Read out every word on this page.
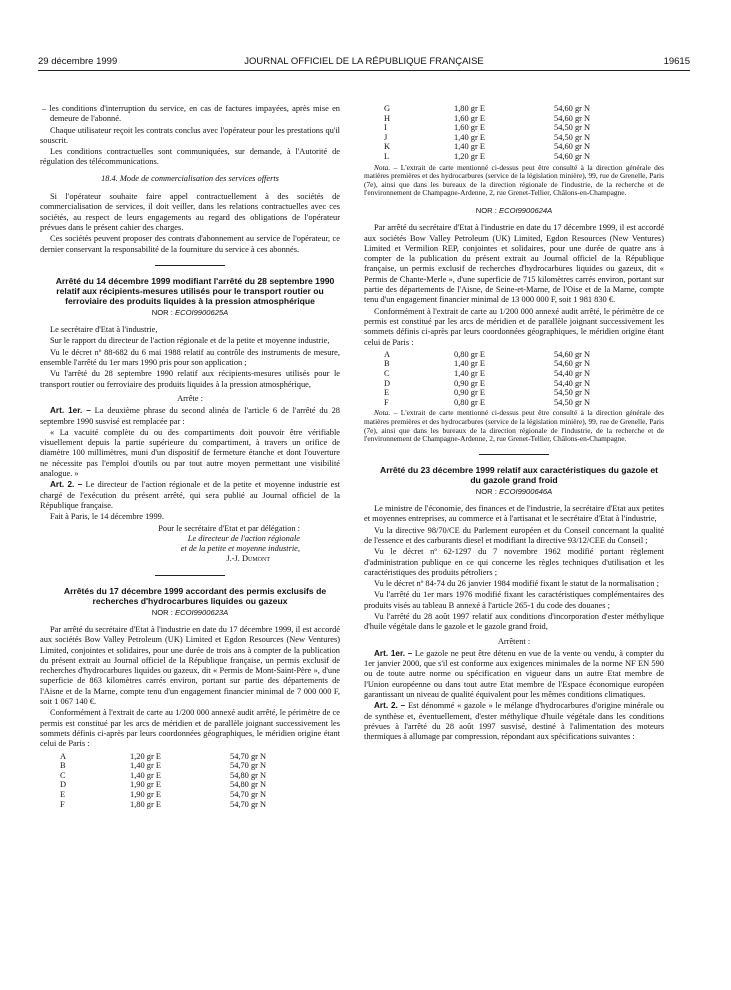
29 décembre 1999	JOURNAL OFFICIEL DE LA RÉPUBLIQUE FRANÇAISE	19615

– les conditions d'interruption du service, en cas de factures impayées, après mise en demeure de l'abonné.

Chaque utilisateur reçoit les contrats conclus avec l'opérateur pour les prestations qu'il souscrit.

Les conditions contractuelles sont communiquées, sur demande, à l'Autorité de régulation des télécommunications.

18.4. Mode de commercialisation des services offerts

Si l'opérateur souhaite faire appel contractuellement à des sociétés de commercialisation de services, il doit veiller, dans les relations contractuelles avec ces sociétés, au respect de leurs engagements au regard des obligations de l'opérateur prévues dans le présent cahier des charges.

Ces sociétés peuvent proposer des contrats d'abonnement au service de l'opérateur, ce dernier conservant la responsabilité de la fourniture du service à ces abonnés.

Arrêté du 14 décembre 1999 modifiant l'arrêté du 28 septembre 1990 relatif aux récipients-mesures utilisés pour le transport routier ou ferroviaire des produits liquides à la pression atmosphérique

NOR : ECOI9900625A

Le secrétaire d'Etat à l'industrie,

Sur le rapport du directeur de l'action régionale et de la petite et moyenne industrie,

Vu le décret nº 88-682 du 6 mai 1988 relatif au contrôle des instruments de mesure, ensemble l'arrêté du 1er mars 1990 pris pour son application ;

Vu l'arrêté du 28 septembre 1990 relatif aux récipients-mesures utilisés pour le transport routier ou ferroviaire des produits liquides à la pression atmosphérique,

Arrête :

Art. 1er. – La deuxième phrase du second alinéa de l'article 6 de l'arrêté du 28 septembre 1990 susvisé est remplacée par :

« La vacuité complète du ou des compartiments doit pouvoir être vérifiable visuellement depuis la partie supérieure du compartiment, à travers un orifice de diamètre 100 millimètres, muni d'un dispositif de fermeture étanche et dont l'ouverture ne nécessite pas l'emploi d'outils ou par tout autre moyen permettant une visibilité analogue. »

Art. 2. – Le directeur de l'action régionale et de la petite et moyenne industrie est chargé de l'exécution du présent arrêté, qui sera publié au Journal officiel de la République française.

Fait à Paris, le 14 décembre 1999.

Pour le secrétaire d'Etat et par délégation :

Le directeur de l'action régionale

et de la petite et moyenne industrie,

J.-J. Dumont

Arrêtés du 17 décembre 1999 accordant des permis exclusifs de recherches d'hydrocarbures liquides ou gazeux

NOR : ECOI9900623A

Par arrêté du secrétaire d'Etat à l'industrie en date du 17 décembre 1999, il est accordé aux sociétés Bow Valley Petroleum (UK) Limited et Egdon Resources (New Ventures) Limited, conjointes et solidaires, pour une durée de trois ans à compter de la publication du présent extrait au Journal officiel de la République française, un permis exclusif de recherches d'hydrocarbures liquides ou gazeux, dit « Permis de Mont-Saint-Père », d'une superficie de 863 kilomètres carrés environ, portant sur partie des départements de l'Aisne et de la Marne, compte tenu d'un engagement financier minimal de 7 000 000 F, soit 1 067 140 €.

Conformément à l'extrait de carte au 1/200 000 annexé audit arrêté, le périmètre de ce permis est constitué par les arcs de méridien et de parallèle joignant successivement les sommets définis ci-après par leurs coordonnées géographiques, le méridien origine étant celui de Paris :

A	1,20 gr E	54,70 gr N
B	1,40 gr E	54,70 gr N
C	1,40 gr E	54,80 gr N
D	1,90 gr E	54,80 gr N
E	1,90 gr E	54,70 gr N
F	1,80 gr E	54,70 gr N
G	1,80 gr E	54,60 gr N
H	1,60 gr E	54,60 gr N
I	1,60 gr E	54,50 gr N
J	1,40 gr E	54,50 gr N
K	1,40 gr E	54,60 gr N
L	1,20 gr E	54,60 gr N

Nota. – L'extrait de carte mentionné ci-dessus peut être consulté à la direction générale des matières premières et des hydrocarbures (service de la législation minière), 99, rue de Grenelle, Paris (7e), ainsi que dans les bureaux de la direction régionale de l'industrie, de la recherche et de l'environnement de Champagne-Ardenne, 2, rue Grenet-Tellier, Châlons-en-Champagne.

NOR : ECOI9900624A

Par arrêté du secrétaire d'Etat à l'industrie en date du 17 décembre 1999, il est accordé aux sociétés Bow Valley Petroleum (UK) Limited, Egdon Resources (New Ventures) Limited et Vermilion REP, conjointes et solidaires, pour une durée de quatre ans à compter de la publication du présent extrait au Journal officiel de la République française, un permis exclusif de recherches d'hydrocarbures liquides ou gazeux, dit « Permis de Chante-Merle », d'une superficie de 715 kilomètres carrés environ, portant sur partie des départements de l'Aisne, de Seine-et-Marne, de l'Oise et de la Marne, compte tenu d'un engagement financier minimal de 13 000 000 F, soit 1 981 830 €.

Conformément à l'extrait de carte au 1/200 000 annexé audit arrêté, le périmètre de ce permis est constitué par les arcs de méridien et de parallèle joignant successivement les sommets définis ci-après par leurs coordonnées géographiques, le méridien origine étant celui de Paris :

A	0,80 gr E	54,60 gr N
B	1,40 gr E	54,60 gr N
C	1,40 gr E	54,40 gr N
D	0,90 gr E	54,40 gr N
E	0,90 gr E	54,50 gr N
F	0,80 gr E	54,50 gr N

Nota. – L'extrait de carte mentionné ci-dessus peut être consulté à la direction générale des matières premières et des hydrocarbures (service de la législation minière), 99, rue de Grenelle, Paris (7e), ainsi que dans les bureaux de la direction régionale de l'industrie, de la recherche et de l'environnement de Champagne-Ardenne, 2, rue Grenet-Tellier, Châlons-en-Champagne.

Arrêté du 23 décembre 1999 relatif aux caractéristiques du gazole et du gazole grand froid

NOR : ECOI9900646A

Le ministre de l'économie, des finances et de l'industrie, la secrétaire d'Etat aux petites et moyennes entreprises, au commerce et à l'artisanat et le secrétaire d'Etat à l'industrie,

Vu la directive 98/70/CE du Parlement européen et du Conseil concernant la qualité de l'essence et des carburants diesel et modifiant la directive 93/12/CEE du Conseil ;

Vu le décret nº 62-1297 du 7 novembre 1962 modifié portant règlement d'administration publique en ce qui concerne les règles techniques d'utilisation et les caractéristiques des produits pétroliers ;

Vu le décret nº 84-74 du 26 janvier 1984 modifié fixant le statut de la normalisation ;

Vu l'arrêté du 1er mars 1976 modifié fixant les caractéristiques complémentaires des produits visés au tableau B annexé à l'article 265-1 du code des douanes ;

Vu l'arrêté du 28 août 1997 relatif aux conditions d'incorporation d'ester méthylique d'huile végétale dans le gazole et le gazole grand froid,

Arrêtent :

Art. 1er. – Le gazole ne peut être détenu en vue de la vente ou vendu, à compter du 1er janvier 2000, que s'il est conforme aux exigences minimales de la norme NF EN 590 ou de toute autre norme ou spécification en vigueur dans un autre Etat membre de l'Union européenne ou dans tout autre Etat membre de l'Espace économique européen garantissant un niveau de qualité équivalent pour les mêmes conditions climatiques.

Art. 2. – Est dénommé « gazole » le mélange d'hydrocarbures d'origine minérale ou de synthèse et, éventuellement, d'ester méthylique d'huile végétale dans les conditions prévues à l'arrêté du 28 août 1997 susvisé, destiné à l'alimentation des moteurs thermiques à allumage par compression, répondant aux spécifications suivantes :
